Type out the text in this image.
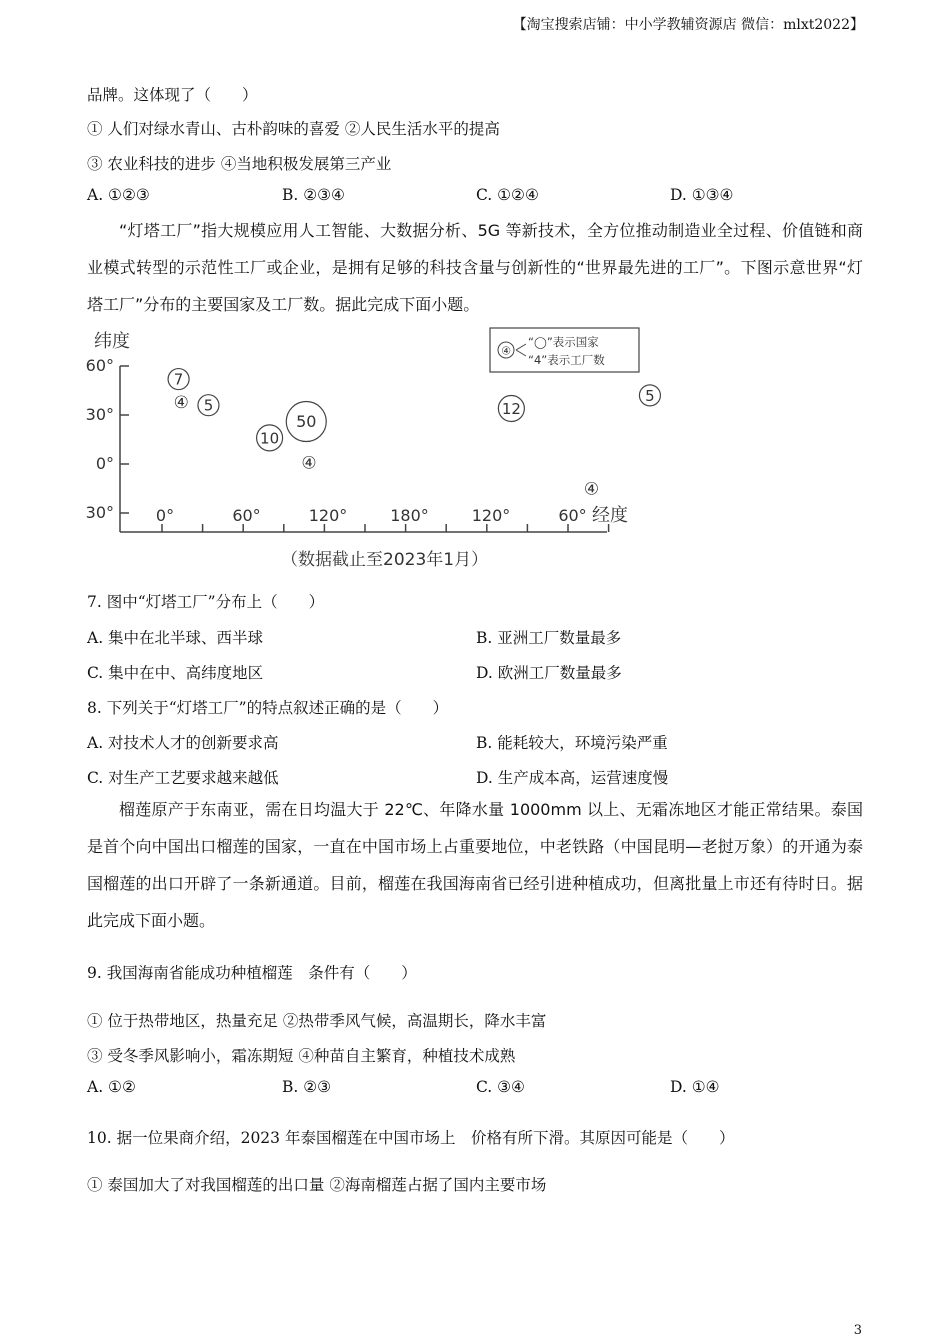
【淘宝搜索店铺：中小学教辅资源店 微信：mlxt2022】
品牌。这体现了（　　）
① 人们对绿水青山、古朴韵味的喜爱 ②人民生活水平的提高
③ 农业科技的进步 ④当地积极发展第三产业
A. ①②③	B. ②③④	C. ①②④	D. ①③④
“灯塔工厂”指大规模应用人工智能、大数据分析、5G 等新技术，全方位推动制造业全过程、价值链和商业模式转型的示范性工厂或企业，是拥有足够的科技含量与创新性的“世界最先进的工厂”。下图示意世界“灯塔工厂”分布的主要国家及工厂数。据此完成下面小题。
纬度
60°
30°
0°
30°	0°	60°	120°	180°	120°	60°
7
5
④ 5
10
50
④
12
④
经度
④
“◯”表示国家
“4”表示工厂数
（数据截止至2023年1月）
7. 图中“灯塔工厂”分布上（　　）
A. 集中在北半球、西半球	B. 亚洲工厂数量最多
C. 集中在中、高纬度地区	D. 欧洲工厂数量最多
8. 下列关于“灯塔工厂”的特点叙述正确的是（　　）
A. 对技术人才的创新要求高	B. 能耗较大，环境污染严重
C. 对生产工艺要求越来越低	D. 生产成本高，运营速度慢
榴莲原产于东南亚，需在日均温大于 22℃、年降水量 1000mm 以上、无霜冻地区才能正常结果。泰国是首个向中国出口榴莲的国家，一直在中国市场上占重要地位，中老铁路（中国昆明—老挝万象）的开通为泰国榴莲的出口开辟了一条新通道。目前，榴莲在我国海南省已经引进种植成功，但离批量上市还有待时日。据此完成下面小题。
9. 我国海南省能成功种植榴莲　条件有（　　）
① 位于热带地区，热量充足 ②热带季风气候，高温期长，降水丰富
③ 受冬季风影响小，霜冻期短 ④种苗自主繁育，种植技术成熟
A. ①②	B. ②③	C. ③④	D. ①④
10. 据一位果商介绍，2023 年泰国榴莲在中国市场上　价格有所下滑。其原因可能是（　　）
① 泰国加大了对我国榴莲的出口量 ②海南榴莲占据了国内主要市场
3
